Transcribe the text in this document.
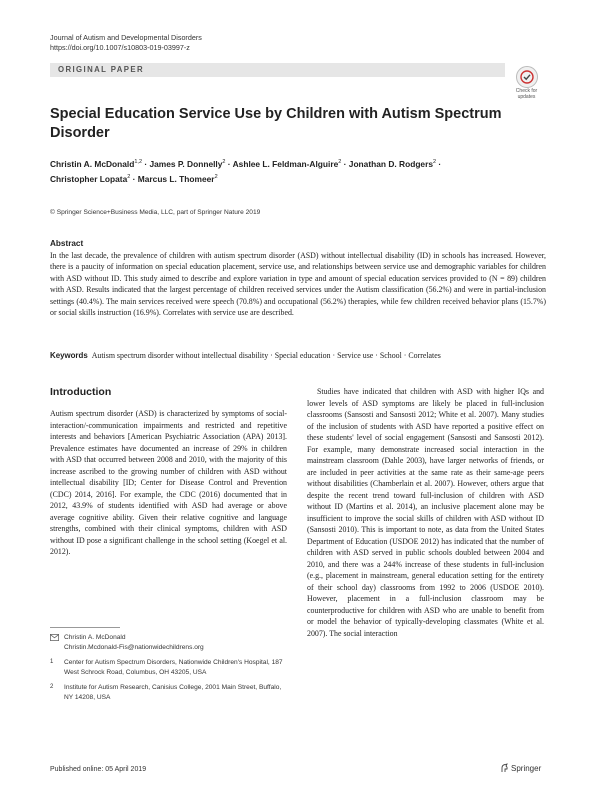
Journal of Autism and Developmental Disorders
https://doi.org/10.1007/s10803-019-03997-z
ORIGINAL PAPER
Check for
updates
Special Education Service Use by Children with Autism Spectrum Disorder
Christin A. McDonald$^{1,2}$ · James P. Donnelly$^2$ · Ashlee L. Feldman-Alguire$^2$ · Jonathan D. Rodgers$^2$ ·
Christopher Lopata$^2$ · Marcus L. Thomeer$^2$
© Springer Science+Business Media, LLC, part of Springer Nature 2019
Abstract

In the last decade, the prevalence of children with autism spectrum disorder (ASD) without intellectual disability (ID) in schools has increased. However, there is a paucity of information on special education placement, service use, and relationships between service use and demographic variables for children with ASD without ID. This study aimed to describe and explore variation in type and amount of special education services provided to (N = 89) children with ASD. Results indicated that the largest percentage of children received services under the Autism classification (56.2%) and were in partial-inclusion settings (40.4%). The main services received were speech (70.8%) and occupational (56.2%) therapies, while few children received behavior plans (15.7%) or social skills instruction (16.9%). Correlates with service use are described.

Keywords Autism spectrum disorder without intellectual disability · Special education · Service use · School · Correlates
Introduction

Autism spectrum disorder (ASD) is characterized by symptoms of social-interaction/-communication impairments and restricted and repetitive interests and behaviors [American Psychiatric Association (APA) 2013]. Prevalence estimates have documented an increase of 29% in children with ASD that occurred between 2008 and 2010, with the majority of this increase ascribed to the growing number of children with ASD without intellectual disability [ID; Center for Disease Control and Prevention (CDC) 2014, 2016]. For example, the CDC (2016) documented that in 2012, 43.9% of students identified with ASD had average or above average cognitive ability. Given their relative cognitive and language strengths, combined with their clinical symptoms, children with ASD without ID pose a significant challenge in the school setting (Koegel et al. 2012).

Studies have indicated that children with ASD with higher IQs and lower levels of ASD symptoms are likely be placed in full-inclusion classrooms (Sansosti and Sansosti 2012; White et al. 2007). Many studies of the inclusion of students with ASD have reported a positive effect on these students' level of social engagement (Sansosti and Sansosti 2012). For example, many demonstrate increased social interaction in the mainstream classroom (Dahle 2003), have larger networks of friends, or are included in peer activities at the same rate as their same-age peers without disabilities (Chamberlain et al. 2007). However, others argue that despite the recent trend toward full-inclusion of children with ASD without ID (Martins et al. 2014), an inclusive placement alone may be insufficient to improve the social skills of children with ASD without ID (Sansosti 2010). This is important to note, as data from the United States Department of Education (USDOE 2012) has indicated that the number of children with ASD served in public schools doubled between 2004 and 2010, and there was a 244% increase of these students in full-inclusion (e.g., placement in mainstream, general education setting for the entirety of their school day) classrooms from 1992 to 2006 (USDOE 2010). However, placement in a full-inclusion classroom may be counterproductive for children with ASD who are unable to benefit from or model the behavior of typically-developing classmates (White et al. 2007). The social interaction

Christin A. McDonald
Christin.Mcdonald-Fis@nationwidechildrens.org
1 Center for Autism Spectrum Disorders, Nationwide Children's Hospital, 187 West Schrock Road, Columbus, OH 43205, USA
2 Institute for Autism Research, Canisius College, 2001 Main Street, Buffalo, NY 14208, USA
Published online: 05 April 2019	Springer
